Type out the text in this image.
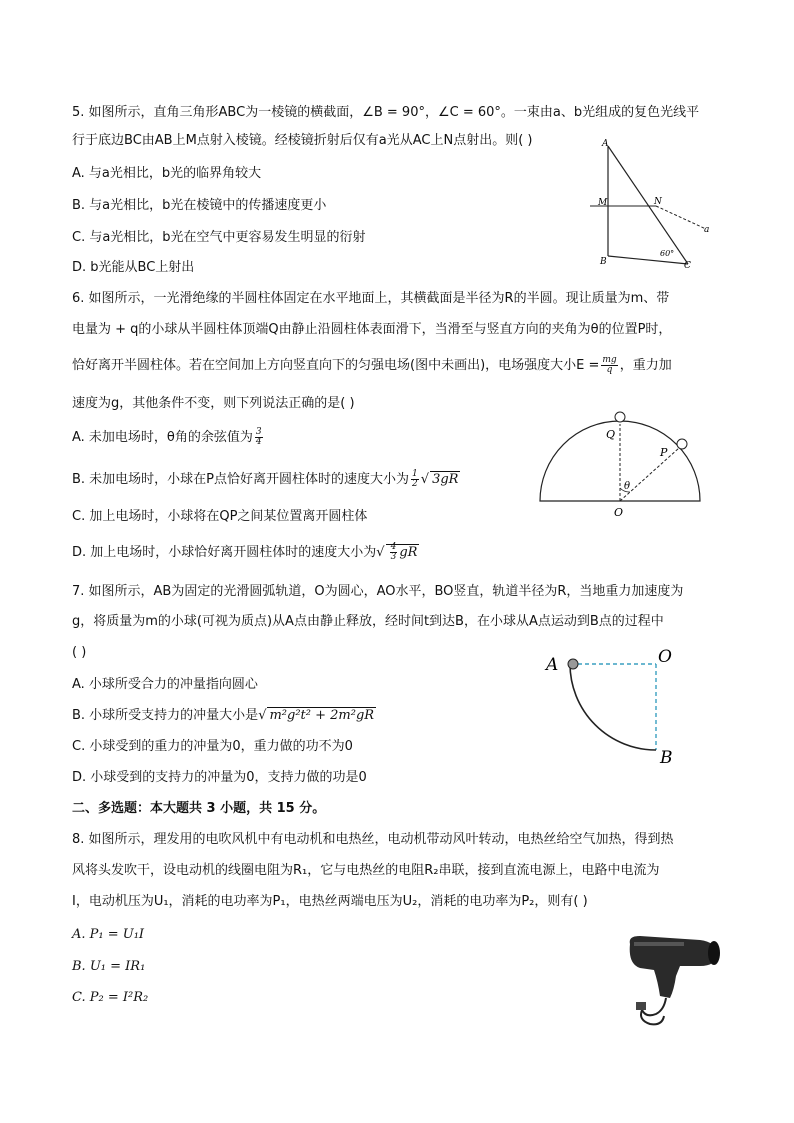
5. 如图所示，直角三角形ABC为一棱镜的横截面，∠B = 90°，∠C = 60°。一束由a、b光组成的复色光线平
行于底边BC由AB上M点射入棱镜。经棱镜折射后仅有a光从AC上N点射出。则( )
A. 与a光相比，b光的临界角较大
B. 与a光相比，b光在棱镜中的传播速度更小
C. 与a光相比，b光在空气中更容易发生明显的衍射
D. b光能从BC上射出
A
M	N
a
B	C
60°
6. 如图所示，一光滑绝缘的半圆柱体固定在水平地面上，其横截面是半径为R的半圆。现让质量为m、带
电量为 + q的小球从半圆柱体顶端Q由静止沿圆柱体表面滑下，当滑至与竖直方向的夹角为θ的位置P时，
恰好离开半圆柱体。若在空间加上方向竖直向下的匀强电场(图中未画出)，电场强度大小$E = \frac{mg}{q}$ ，重力加
速度为g，其他条件不变，则下列说法正确的是( )
A. 未加电场时，θ角的余弦值为 $\frac{3}{4}$
B. 未加电场时，小球在P点恰好离开圆柱体时的速度大小为 $\frac{1}{2}$ √ 3gR
C. 加上电场时，小球将在QP之间某位置离开圆柱体
D. 加上电场时，小球恰好离开圆柱体时的速度大小为√ $\frac{4}{3}$ gR
Q
P
θ
O
7. 如图所示，AB为固定的光滑圆弧轨道，O为圆心，AO水平，BO竖直，轨道半径为R，当地重力加速度为
g，将质量为m的小球(可视为质点)从A点由静止释放，经时间t到达B，在小球从A点运动到B点的过程中
( )
A. 小球所受合力的冲量指向圆心
B. 小球所受支持力的冲量大小是√ m²g²t² + 2m²gR
C. 小球受到的重力的冲量为0，重力做的功不为0
D. 小球受到的支持力的冲量为0，支持力做的功是0
A	O
B
二、多选题：本大题共 3 小题，共 15 分。
8. 如图所示，理发用的电吹风机中有电动机和电热丝，电动机带动风叶转动，电热丝给空气加热，得到热
风将头发吹干，设电动机的线圈电阻为R₁，它与电热丝的电阻R₂串联，接到直流电源上，电路中电流为
I，电动机压为U₁，消耗的电功率为P₁，电热丝两端电压为U₂，消耗的电功率为P₂，则有( )
A. P₁ = U₁I
B. U₁ = IR₁
C. P₂ = I²R₂
